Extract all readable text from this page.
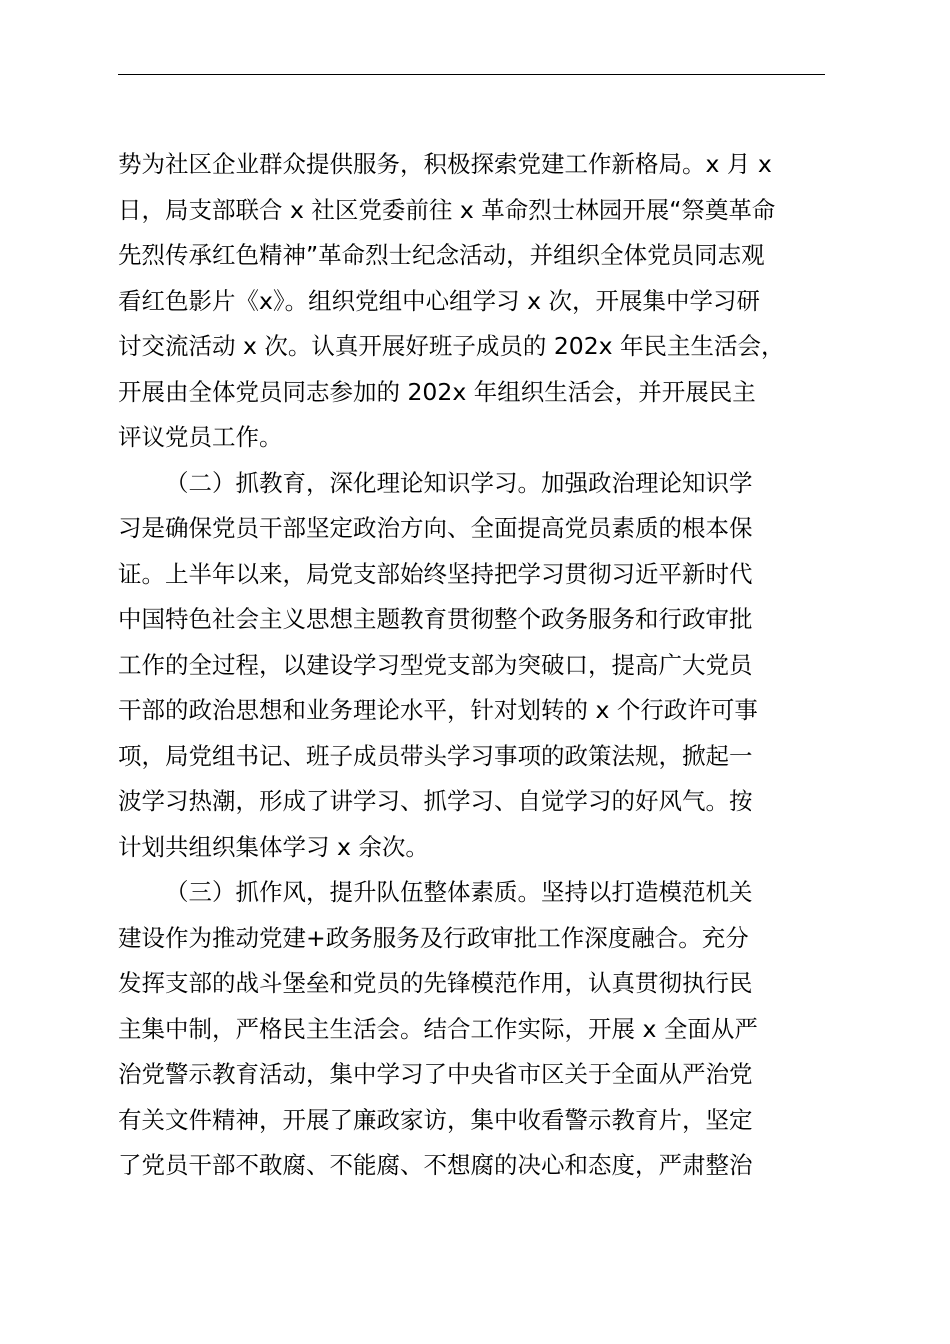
势为社区企业群众提供服务，积极探索党建工作新格局。x 月 x
日，局支部联合 x 社区党委前往 x 革命烈士林园开展“祭奠革命
先烈传承红色精神”革命烈士纪念活动，并组织全体党员同志观
看红色影片《x》。组织党组中心组学习 x 次，开展集中学习研
讨交流活动 x 次。认真开展好班子成员的 202x 年民主生活会，
开展由全体党员同志参加的 202x 年组织生活会，并开展民主
评议党员工作。
（二）抓教育，深化理论知识学习。加强政治理论知识学
习是确保党员干部坚定政治方向、全面提高党员素质的根本保
证。上半年以来，局党支部始终坚持把学习贯彻习近平新时代
中国特色社会主义思想主题教育贯彻整个政务服务和行政审批
工作的全过程，以建设学习型党支部为突破口，提高广大党员
干部的政治思想和业务理论水平，针对划转的 x 个行政许可事
项，局党组书记、班子成员带头学习事项的政策法规，掀起一
波学习热潮，形成了讲学习、抓学习、自觉学习的好风气。按
计划共组织集体学习 x 余次。
（三）抓作风，提升队伍整体素质。坚持以打造模范机关
建设作为推动党建+政务服务及行政审批工作深度融合。充分
发挥支部的战斗堡垒和党员的先锋模范作用，认真贯彻执行民
主集中制，严格民主生活会。结合工作实际，开展 x 全面从严
治党警示教育活动，集中学习了中央省市区关于全面从严治党
有关文件精神，开展了廉政家访，集中收看警示教育片，坚定
了党员干部不敢腐、不能腐、不想腐的决心和态度，严肃整治
